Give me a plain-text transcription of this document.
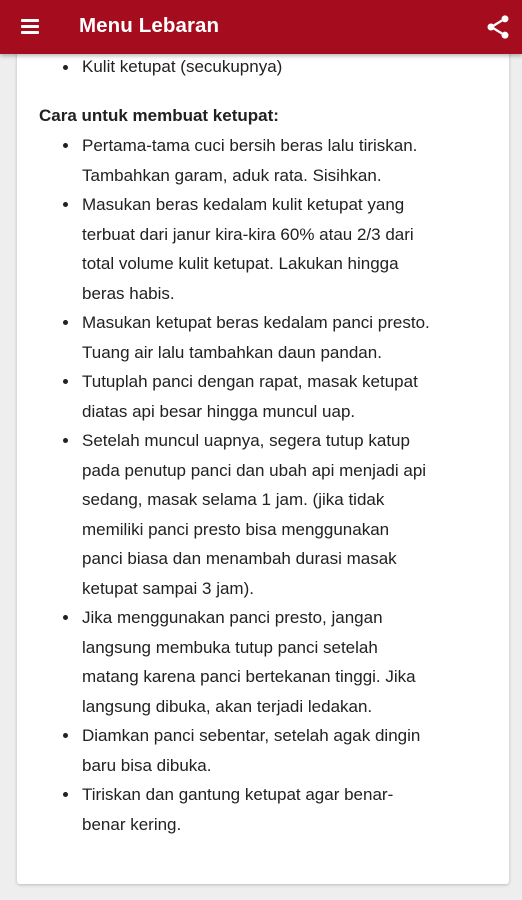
Kulit ketupat (secukupnya)
Cara untuk membuat ketupat:
Pertama-tama cuci bersih beras lalu tiriskan.
Tambahkan garam, aduk rata. Sisihkan.
Masukan beras kedalam kulit ketupat yang
terbuat dari janur kira-kira 60% atau 2/3 dari
total volume kulit ketupat. Lakukan hingga
beras habis.
Masukan ketupat beras kedalam panci presto.
Tuang air lalu tambahkan daun pandan.
Tutuplah panci dengan rapat, masak ketupat
diatas api besar hingga muncul uap.
Setelah muncul uapnya, segera tutup katup
pada penutup panci dan ubah api menjadi api
sedang, masak selama 1 jam. (jika tidak
memiliki panci presto bisa menggunakan
panci biasa dan menambah durasi masak
ketupat sampai 3 jam).
Jika menggunakan panci presto, jangan
langsung membuka tutup panci setelah
matang karena panci bertekanan tinggi. Jika
langsung dibuka, akan terjadi ledakan.
Diamkan panci sebentar, setelah agak dingin
baru bisa dibuka.
Tiriskan dan gantung ketupat agar benar-
benar kering.
Menu Lebaran
